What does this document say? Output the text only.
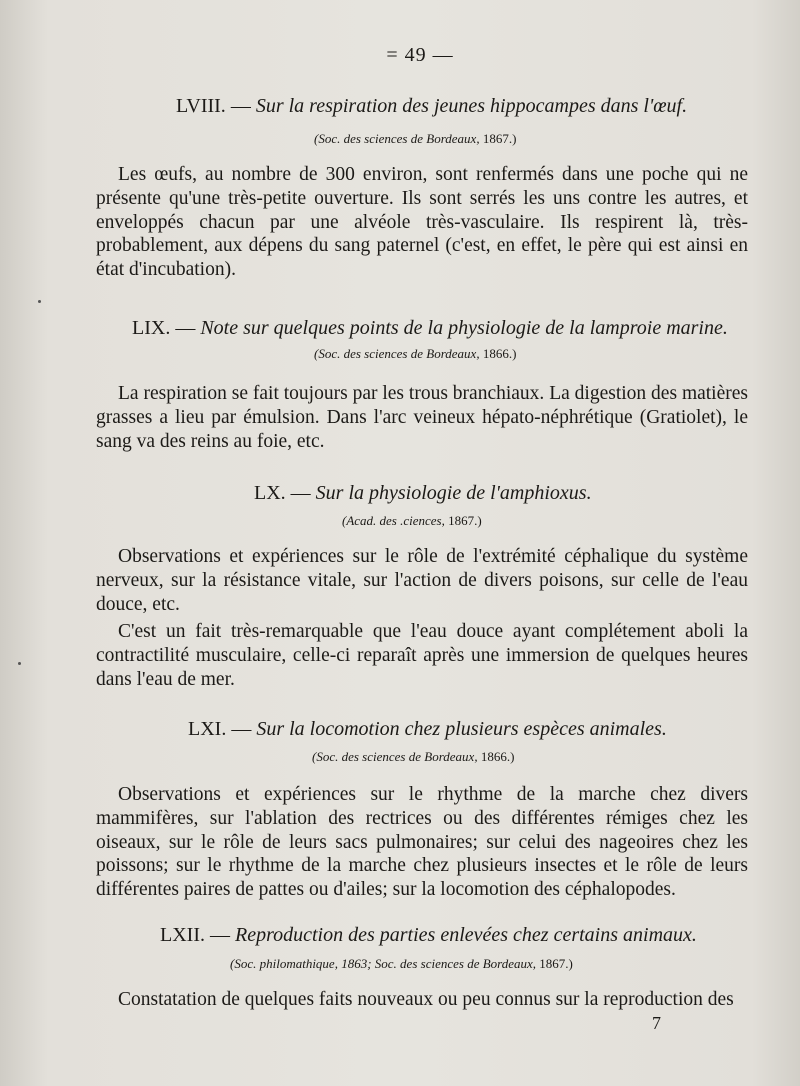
= 49 —
LVIII. — Sur la respiration des jeunes hippocampes dans l'œuf.
(Soc. des sciences de Bordeaux, 1867.)
Les œufs, au nombre de 300 environ, sont renfermés dans une poche qui ne présente qu'une très-petite ouverture. Ils sont serrés les uns contre les autres, et enveloppés chacun par une alvéole très-vasculaire. Ils respirent là, très-probablement, aux dépens du sang paternel (c'est, en effet, le père qui est ainsi en état d'incubation).
LIX. — Note sur quelques points de la physiologie de la lamproie marine.
(Soc. des sciences de Bordeaux, 1866.)
La respiration se fait toujours par les trous branchiaux. La digestion des matières grasses a lieu par émulsion. Dans l'arc veineux hépato-néphrétique (Gratiolet), le sang va des reins au foie, etc.
LX. — Sur la physiologie de l'amphioxus.
(Acad. des .ciences, 1867.)
Observations et expériences sur le rôle de l'extrémité céphalique du système nerveux, sur la résistance vitale, sur l'action de divers poisons, sur celle de l'eau douce, etc.
C'est un fait très-remarquable que l'eau douce ayant complétement aboli la contractilité musculaire, celle-ci reparaît après une immersion de quelques heures dans l'eau de mer.
LXI. — Sur la locomotion chez plusieurs espèces animales.
(Soc. des sciences de Bordeaux, 1866.)
Observations et expériences sur le rhythme de la marche chez divers mammifères, sur l'ablation des rectrices ou des différentes rémiges chez les oiseaux, sur le rôle de leurs sacs pulmonaires; sur celui des nageoires chez les poissons; sur le rhythme de la marche chez plusieurs insectes et le rôle de leurs différentes paires de pattes ou d'ailes; sur la locomotion des céphalopodes.
LXII. — Reproduction des parties enlevées chez certains animaux.
(Soc. philomathique, 1863; Soc. des sciences de Bordeaux, 1867.)
Constatation de quelques faits nouveaux ou peu connus sur la reproduction des
7
